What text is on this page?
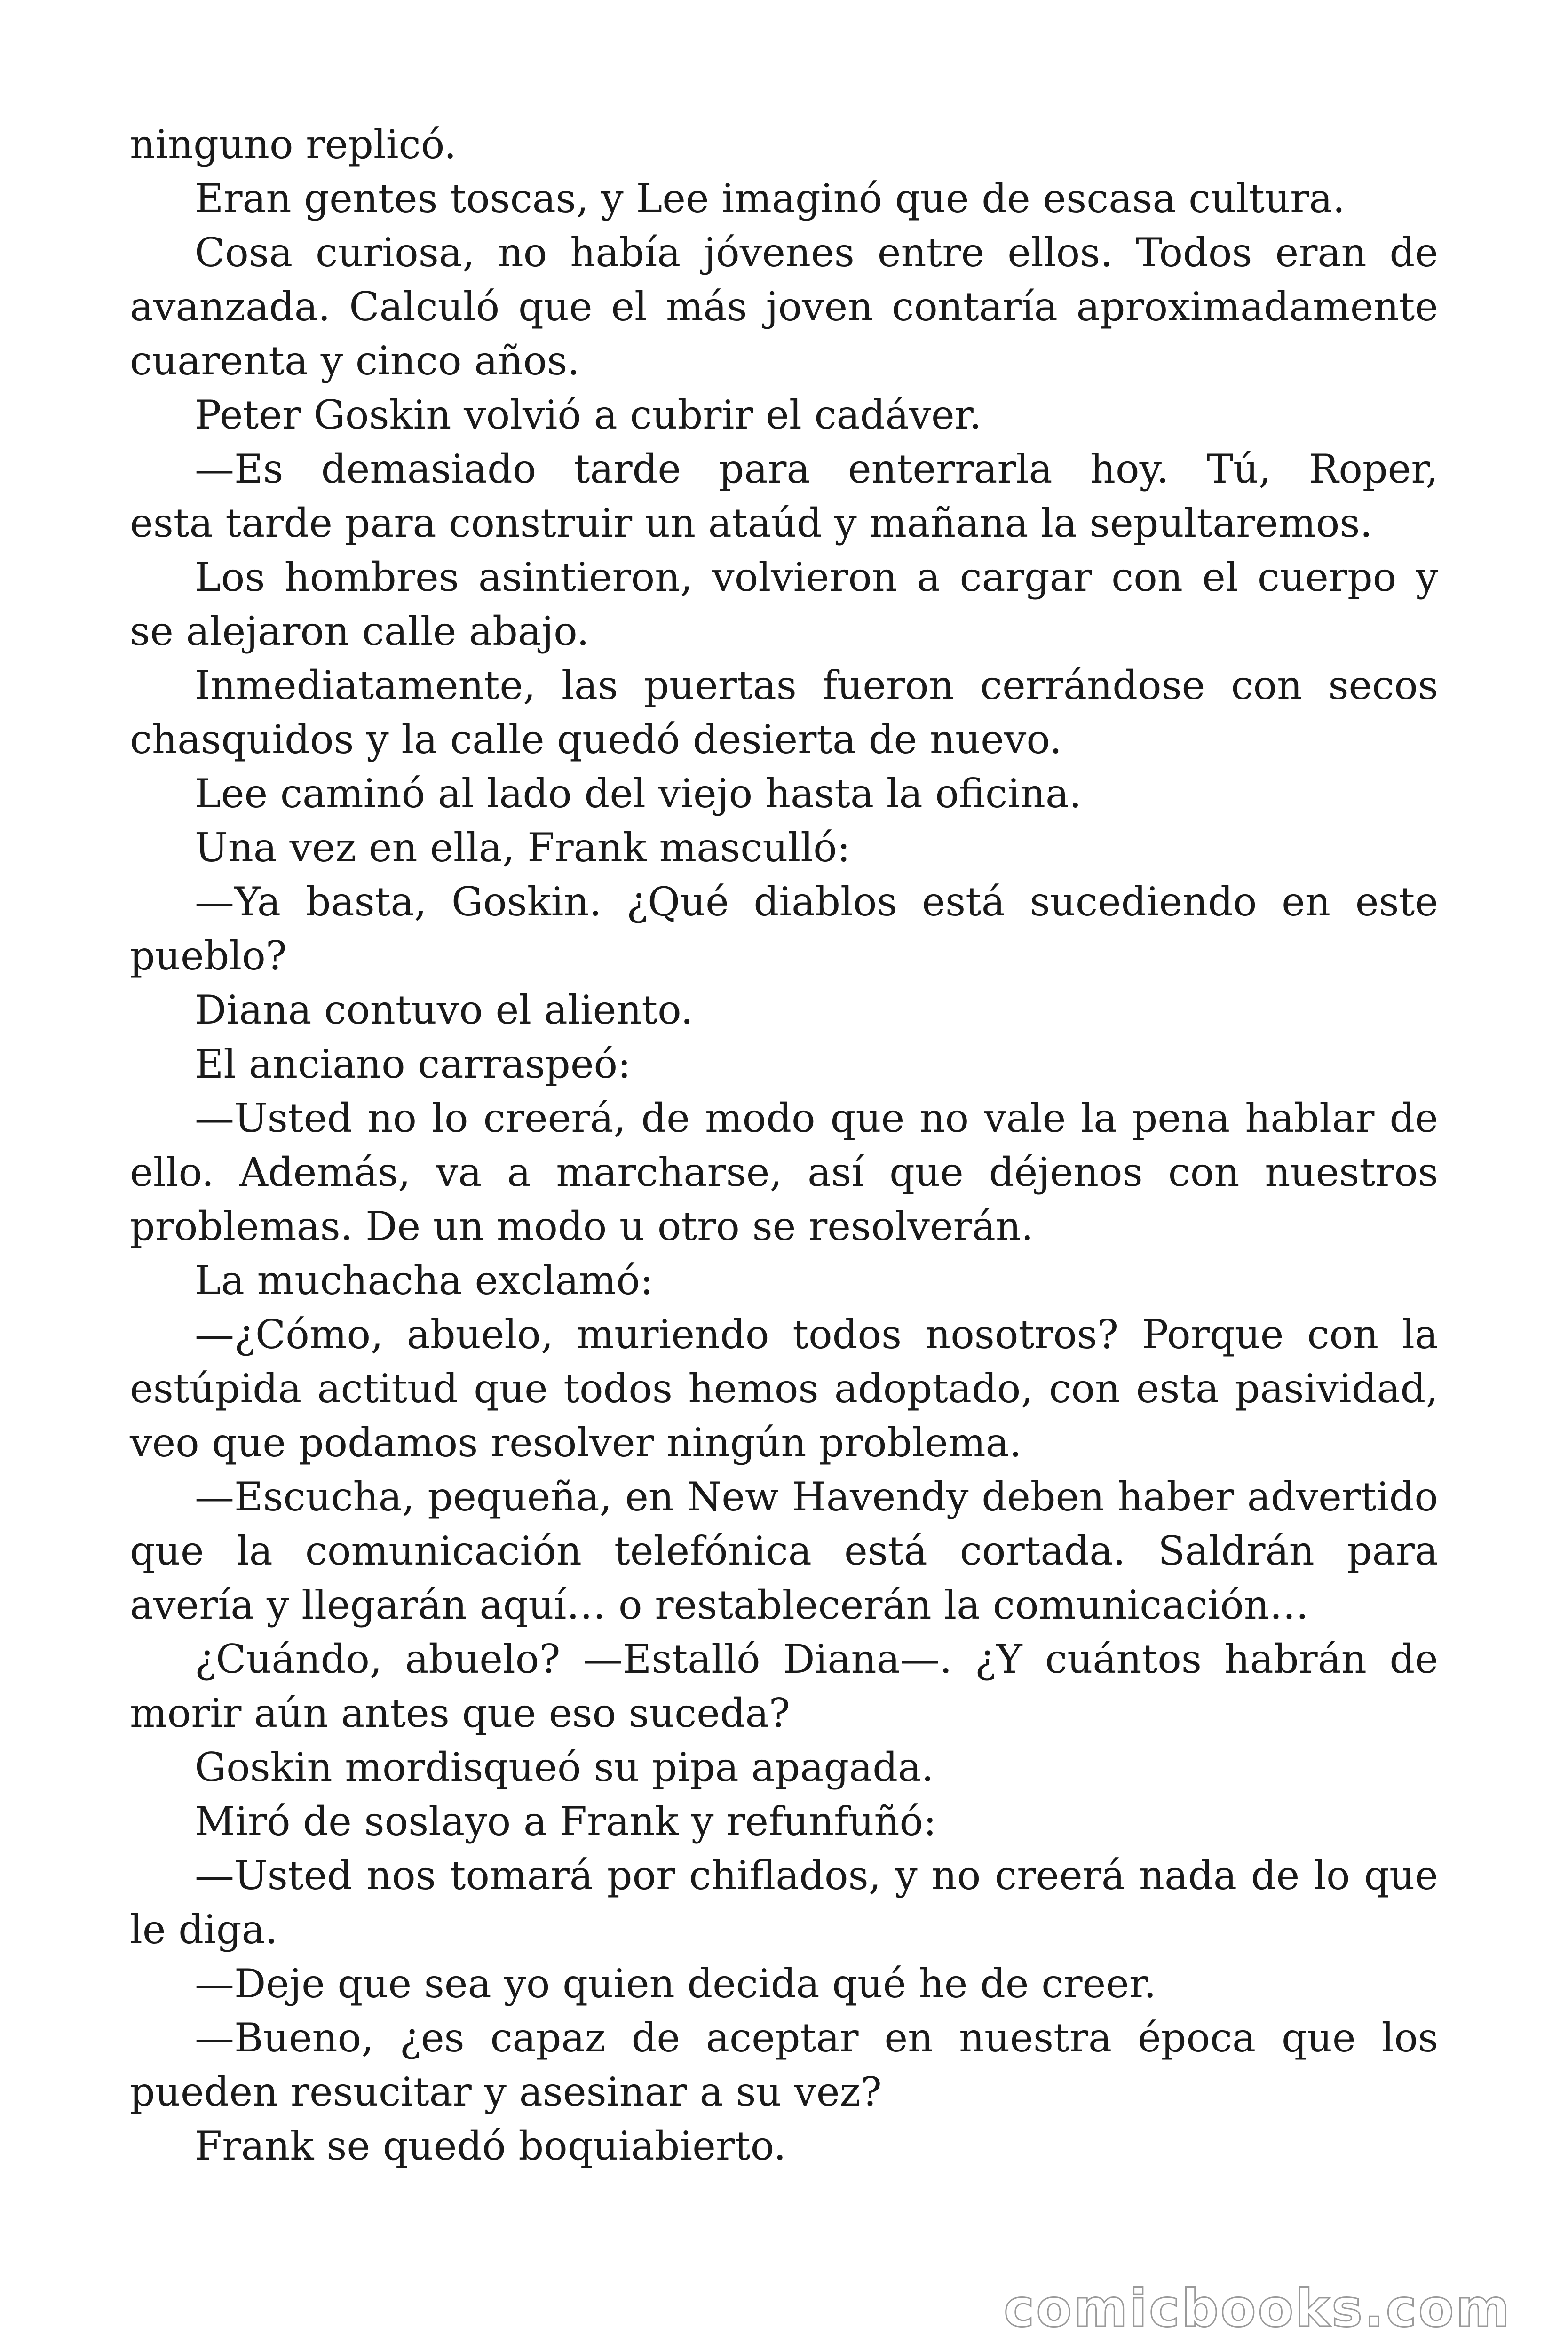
ninguno replicó.
Eran gentes toscas, y Lee imaginó que de escasa cultura.
Cosa curiosa, no había jóvenes entre ellos. Todos eran de
avanzada. Calculó que el más joven contaría aproximadamente
cuarenta y cinco años.
Peter Goskin volvió a cubrir el cadáver.
—Es demasiado tarde para enterrarla hoy. Tú, Roper,
esta tarde para construir un ataúd y mañana la sepultaremos.
Los hombres asintieron, volvieron a cargar con el cuerpo y
se alejaron calle abajo.
Inmediatamente, las puertas fueron cerrándose con secos
chasquidos y la calle quedó desierta de nuevo.
Lee caminó al lado del viejo hasta la oficina.
Una vez en ella, Frank masculló:
—Ya basta, Goskin. ¿Qué diablos está sucediendo en este
pueblo?
Diana contuvo el aliento.
El anciano carraspeó:
—Usted no lo creerá, de modo que no vale la pena hablar de
ello. Además, va a marcharse, así que déjenos con nuestros
problemas. De un modo u otro se resolverán.
La muchacha exclamó:
—¿Cómo, abuelo, muriendo todos nosotros? Porque con la
estúpida actitud que todos hemos adoptado, con esta pasividad,
veo que podamos resolver ningún problema.
—Escucha, pequeña, en New Havendy deben haber advertido
que la comunicación telefónica está cortada. Saldrán para
avería y llegarán aquí… o restablecerán la comunicación…
¿Cuándo, abuelo? —Estalló Diana—. ¿Y cuántos habrán de
morir aún antes que eso suceda?
Goskin mordisqueó su pipa apagada.
Miró de soslayo a Frank y refunfuñó:
—Usted nos tomará por chiflados, y no creerá nada de lo que
le diga.
—Deje que sea yo quien decida qué he de creer.
—Bueno, ¿es capaz de aceptar en nuestra época que los
pueden resucitar y asesinar a su vez?
Frank se quedó boquiabierto.
comicbooks.com
